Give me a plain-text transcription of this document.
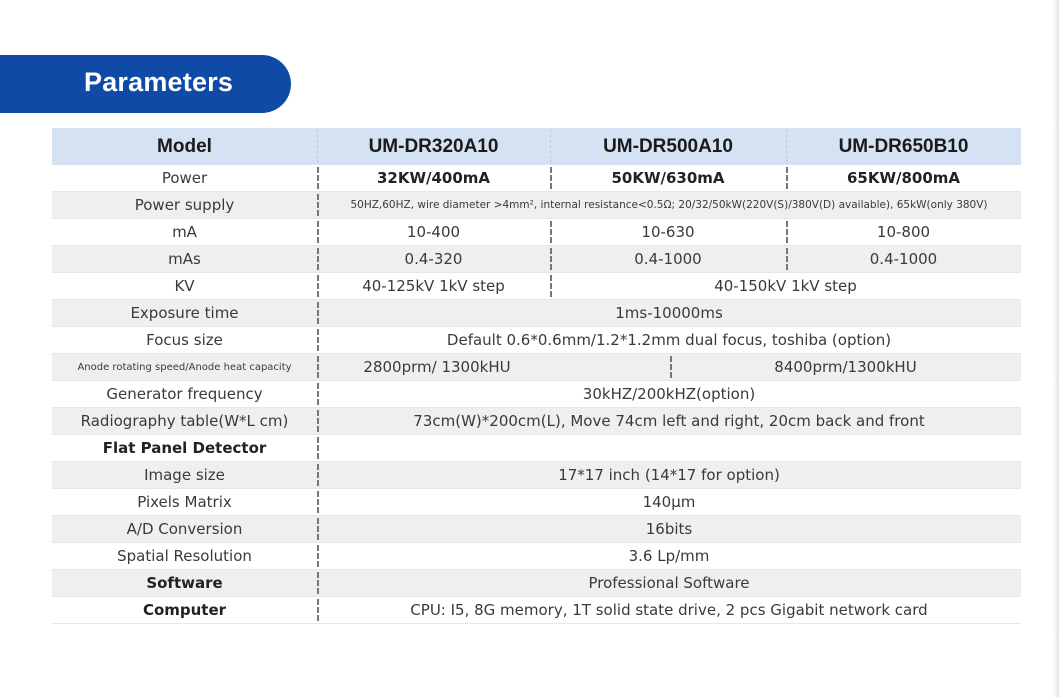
Parameters
Model	UM-DR320A10	UM-DR500A10	UM-DR650B10
Power	32KW/400mA	50KW/630mA	65KW/800mA
Power supply	50HZ,60HZ, wire diameter >4mm², internal resistance<0.5Ω; 20/32/50kW(220V(S)/380V(D) available), 65kW(only 380V)
mA	10-400	10-630	10-800
mAs	0.4-320	0.4-1000	0.4-1000
KV	40-125kV 1kV step	40-150kV 1kV step
Exposure time	1ms-10000ms
Focus size	Default 0.6*0.6mm/1.2*1.2mm dual focus, toshiba (option)
Anode rotating speed/Anode heat capacity	2800prm/ 1300kHU	8400prm/1300kHU
Generator frequency	30kHZ/200kHZ(option)
Radiography table(W*L cm)	73cm(W)*200cm(L), Move 74cm left and right, 20cm back and front
Flat Panel Detector
Image size	17*17 inch (14*17 for option)
Pixels Matrix	140μm
A/D Conversion	16bits
Spatial Resolution	3.6 Lp/mm
Software	Professional Software
Computer	CPU: I5, 8G memory, 1T solid state drive, 2 pcs Gigabit network card
